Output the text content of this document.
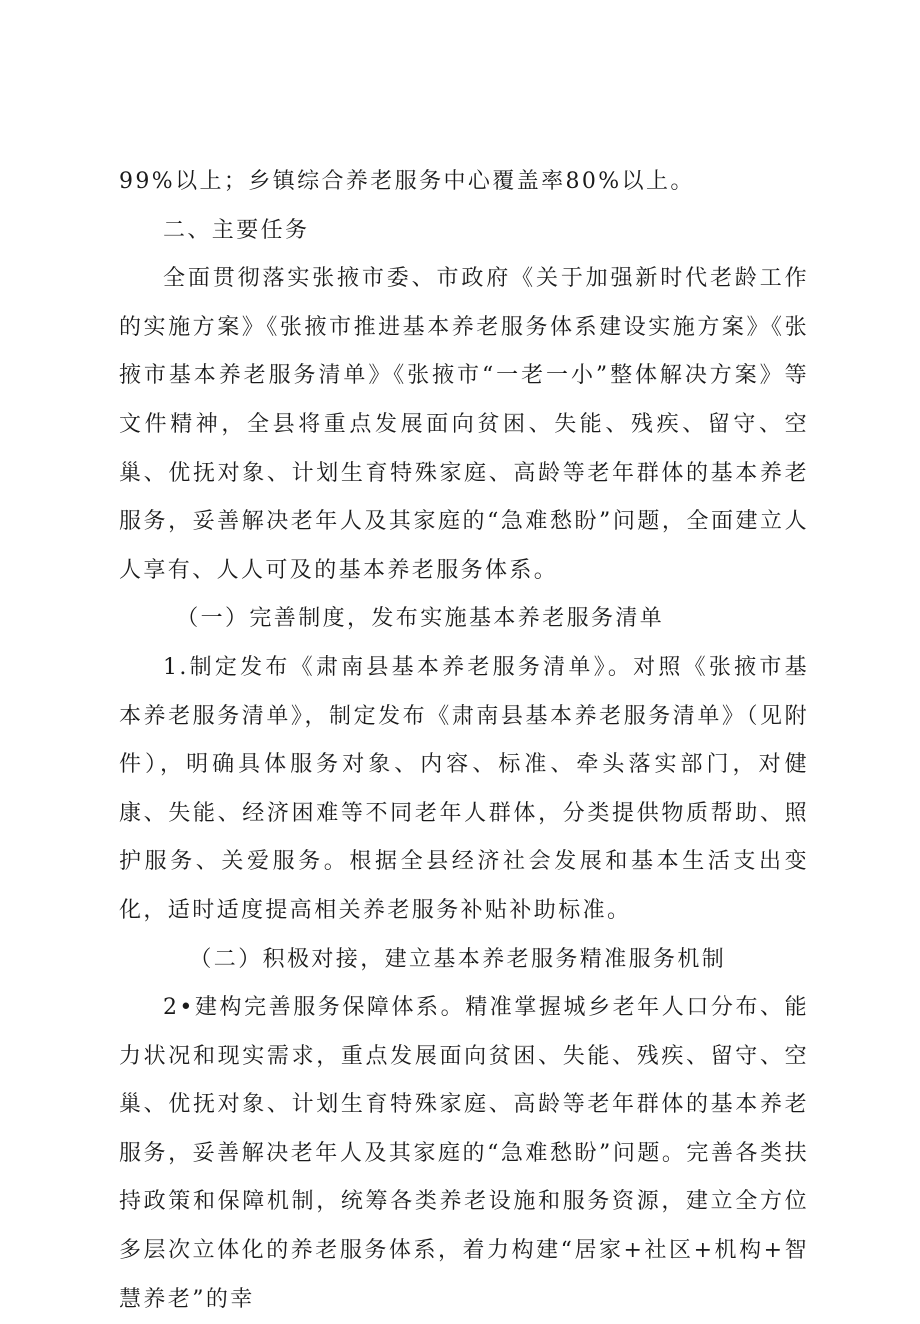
99%以上；乡镇综合养老服务中心覆盖率80%以上。

二、主要任务

全面贯彻落实张掖市委、市政府《关于加强新时代老龄工作的实施方案》《张掖市推进基本养老服务体系建设实施方案》《张掖市基本养老服务清单》《张掖市“一老一小”整体解决方案》等文件精神，全县将重点发展面向贫困、失能、残疾、留守、空巢、优抚对象、计划生育特殊家庭、高龄等老年群体的基本养老服务，妥善解决老年人及其家庭的“急难愁盼”问题，全面建立人人享有、人人可及的基本养老服务体系。

（一）完善制度，发布实施基本养老服务清单

1.制定发布《肃南县基本养老服务清单》。对照《张掖市基本养老服务清单》，制定发布《肃南县基本养老服务清单》（见附件），明确具体服务对象、内容、标准、牵头落实部门，对健康、失能、经济困难等不同老年人群体，分类提供物质帮助、照护服务、关爱服务。根据全县经济社会发展和基本生活支出变化，适时适度提高相关养老服务补贴补助标准。

（二）积极对接，建立基本养老服务精准服务机制

2•建构完善服务保障体系。精准掌握城乡老年人口分布、能力状况和现实需求，重点发展面向贫困、失能、残疾、留守、空巢、优抚对象、计划生育特殊家庭、高龄等老年群体的基本养老服务，妥善解决老年人及其家庭的“急难愁盼”问题。完善各类扶持政策和保障机制，统筹各类养老设施和服务资源，建立全方位多层次立体化的养老服务体系，着力构建“居家+社区+机构+智慧养老”的幸
